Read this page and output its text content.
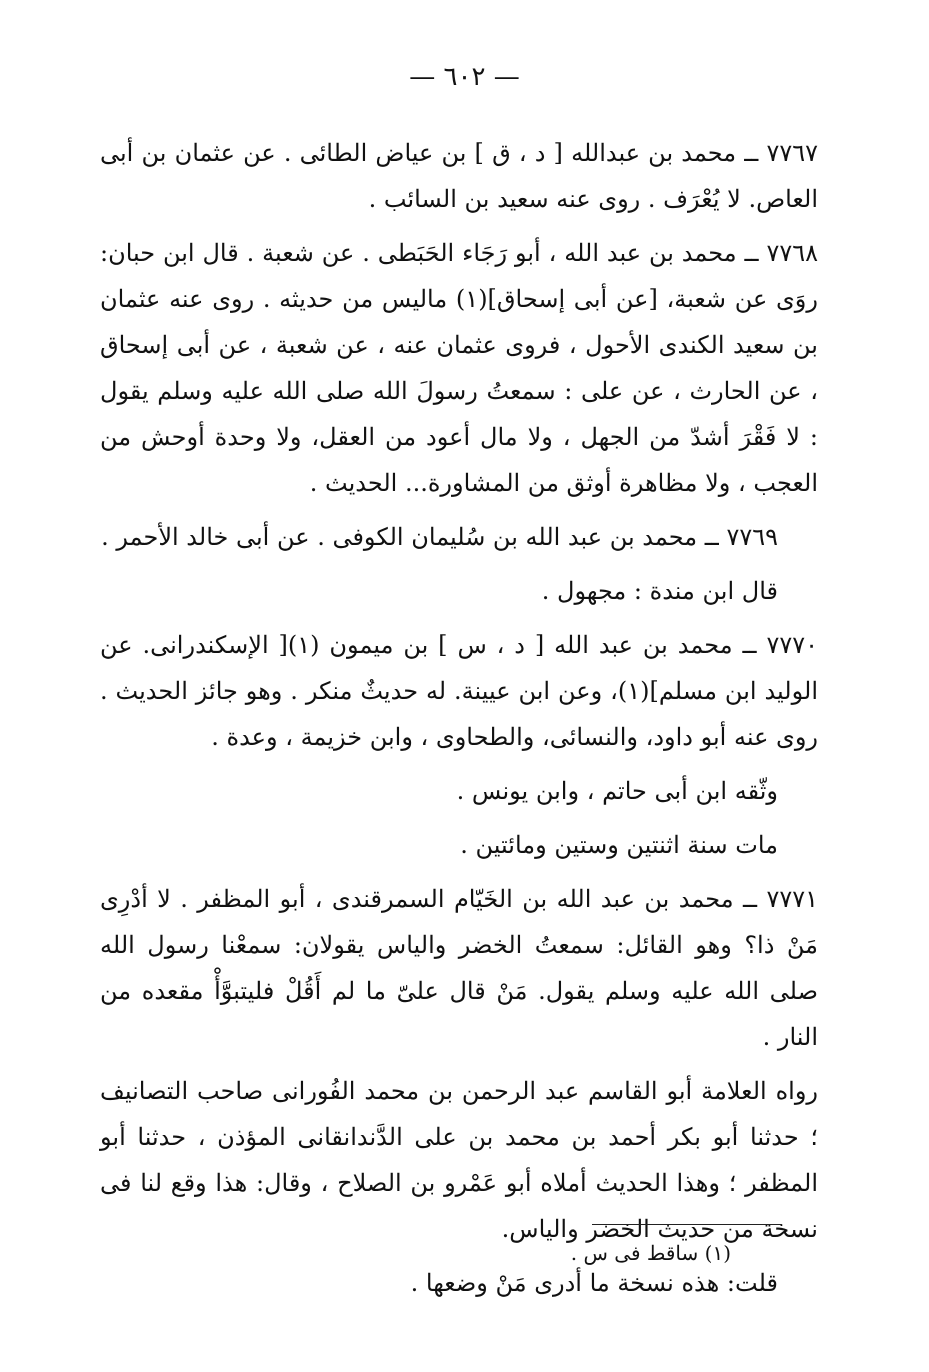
— ٦٠٢ —

٧٧٦٧ ــ محمد بن عبدالله [ د ، ق ] بن عياض الطائى . عن عثمان بن أبى العاص. لا يُعْرَف . روى عنه سعيد بن السائب .

٧٧٦٨ ــ محمد بن عبد الله ، أبو رَجَاء الحَبَطى . عن شعبة . قال ابن حبان: روَى عن شعبة، [عن أبى إسحاق](١) ماليس من حديثه . روى عنه عثمان بن سعيد الكندى الأحول ، فروى عثمان عنه ، عن شعبة ، عن أبى إسحاق ، عن الحارث ، عن على : سمعتُ رسولَ الله صلى الله عليه وسلم يقول : لا فَقْرَ أشدّ من الجهل ، ولا مال أعود من العقل، ولا وحدة أوحش من العجب ، ولا مظاهرة أوثق من المشاورة... الحديث .

٧٧٦٩ ــ محمد بن عبد الله بن سُليمان الكوفى . عن أبى خالد الأحمر .

قال ابن مندة : مجهول .

٧٧٧٠ ــ محمد بن عبد الله [ د ، س ] بن ميمون (١)[ الإسكندرانى. عن الوليد ابن مسلم](١)، وعن ابن عيينة. له حديثٌ منكر . وهو جائز الحديث . روى عنه أبو داود، والنسائى، والطحاوى ، وابن خزيمة ، وعدة .

وثّقه ابن أبى حاتم ، وابن يونس .

مات سنة اثنتين وستين ومائتين .

٧٧٧١ ــ محمد بن عبد الله بن الخَيّام السمرقندى ، أبو المظفر . لا أدْرِى مَنْ ذا؟ وهو القائل: سمعتُ الخضر والياس يقولان: سمعْنا رسول الله صلى الله عليه وسلم يقول. مَنْ قال علىّ ما لم أَقُلْ فليتبوَّأْ مقعده من النار .

رواه العلامة أبو القاسم عبد الرحمن بن محمد الفُورانى صاحب التصانيف ؛ حدثنا أبو بكر أحمد بن محمد بن على الدَّندانقانى المؤذن ، حدثنا أبو المظفر ؛ وهذا الحديث أملاه أبو عَمْرو بن الصلاح ، وقال: هذا وقع لنا فى نسخة من حديث الخضر والياس.

قلت: هذه نسخة ما أدرى مَنْ وضعها .

(١) ساقط فى س .
